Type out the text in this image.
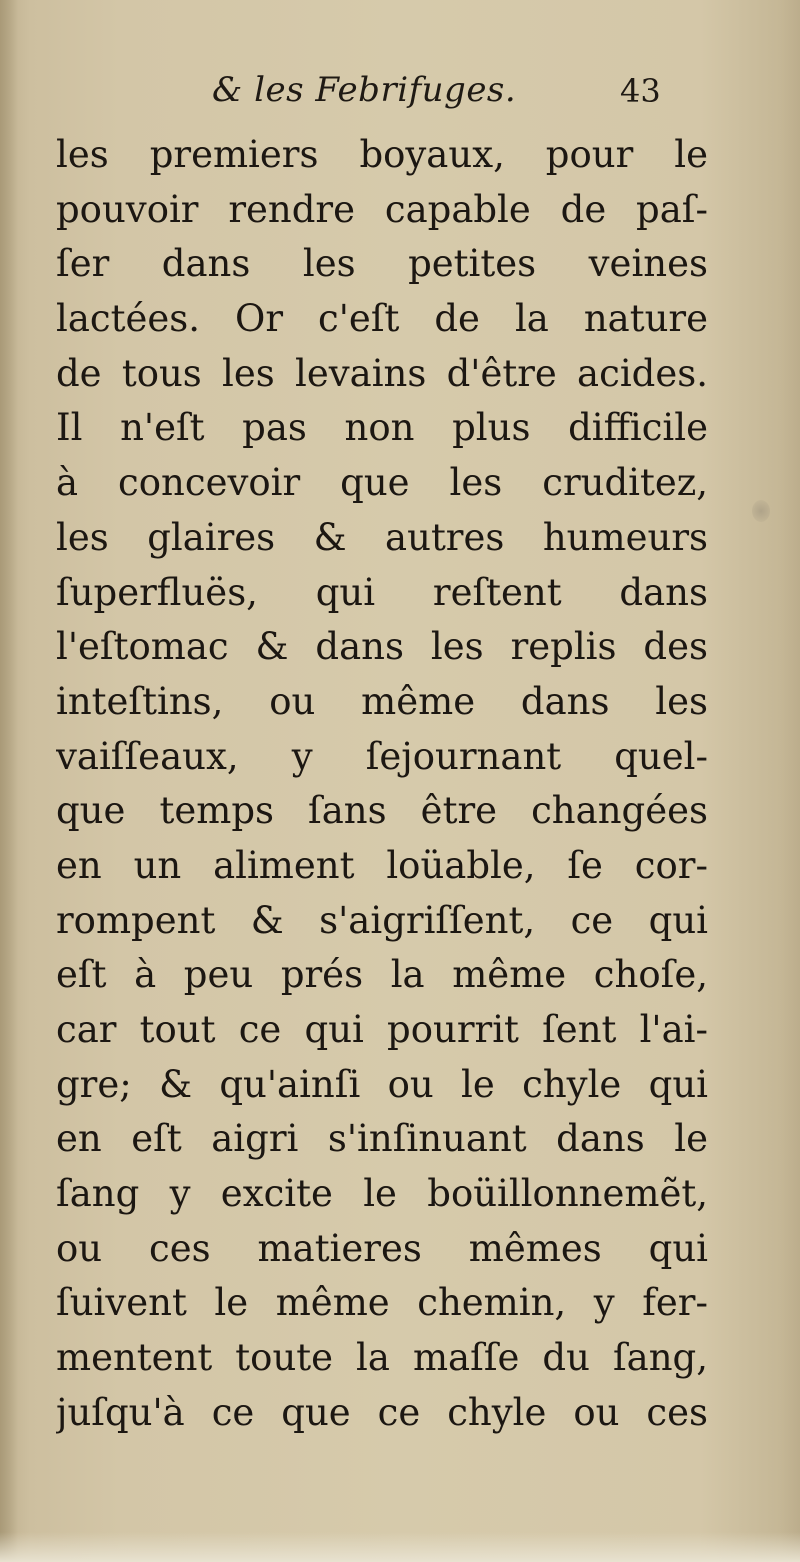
& les Febrifuges.	43
les premiers boyaux, pour le
pouvoir rendre capable de paſ-
ſer dans les petites veines
lactées. Or c'eſt de la nature
de tous les levains d'être acides.
Il n'eſt pas non plus difficile
à concevoir que les cruditez,
les glaires & autres humeurs
ſuperfluës, qui reſtent dans
l'eſtomac & dans les replis des
inteſtins, ou même dans les
vaiſſeaux, y ſejournant quel-
que temps ſans être changées
en un aliment loüable, ſe cor-
rompent & s'aigriſſent, ce qui
eſt à peu prés la même choſe,
car tout ce qui pourrit ſent l'ai-
gre; & qu'ainſi ou le chyle qui
en eſt aigri s'inſinuant dans le
ſang y excite le boüillonnemẽt,
ou ces matieres mêmes qui
ſuivent le même chemin, y fer-
mentent toute la maſſe du ſang,
juſqu'à ce que ce chyle ou ces
